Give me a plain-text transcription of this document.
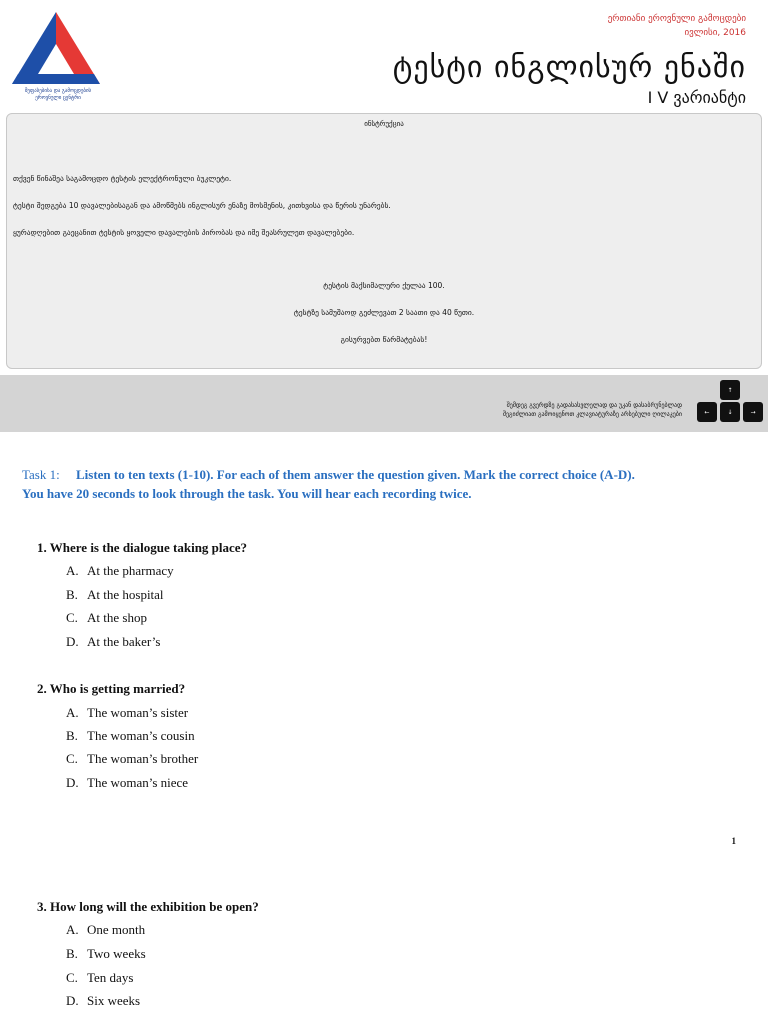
შეფასებისა და გამოცდების
ეროვნული ცენტრი
ერთიანი ეროვნული გამოცდები
ივლისი, 2016
ტესტი ინგლისურ ენაში
I V ვარიანტი
ინსტრუქცია
თქვენ წინაშეა საგამოცდო ტესტის ელექტრონული ბუკლეტი.
ტესტი შედგება 10 დავალებისაგან და ამოწმებს ინგლისურ ენაზე მოსმენის, კითხვისა და წერის უნარებს.
ყურადღებით გაეცანით ტესტის ყოველი დავალების პირობას და იმე შეასრულეთ დავალებები.
ტესტის მაქსიმალური ქულაა 100.
ტესტზე სამუშაოდ გეძლევათ 2 საათი და 40 წუთი.
გისურვებთ წარმატებას!
შემდეგ გვერდზე გადასასვლელად და უკან დასაბრუნებლად
შეგიძლიათ გამოიყენოთ კლავიატურაზე არსებული ღილაკები
↑
←	↓	→
Task 1: Listen to ten texts (1-10). For each of them answer the question given. Mark the correct choice (A-D).
You have 20 seconds to look through the task. You will hear each recording twice.
1. Where is the dialogue taking place?
A. At the pharmacy
B. At the hospital
C. At the shop
D. At the baker’s
2. Who is getting married?
A. The woman’s sister
B. The woman’s cousin
C. The woman’s brother
D. The woman’s niece
1
3. How long will the exhibition be open?
A. One month
B. Two weeks
C. Ten days
D. Six weeks
